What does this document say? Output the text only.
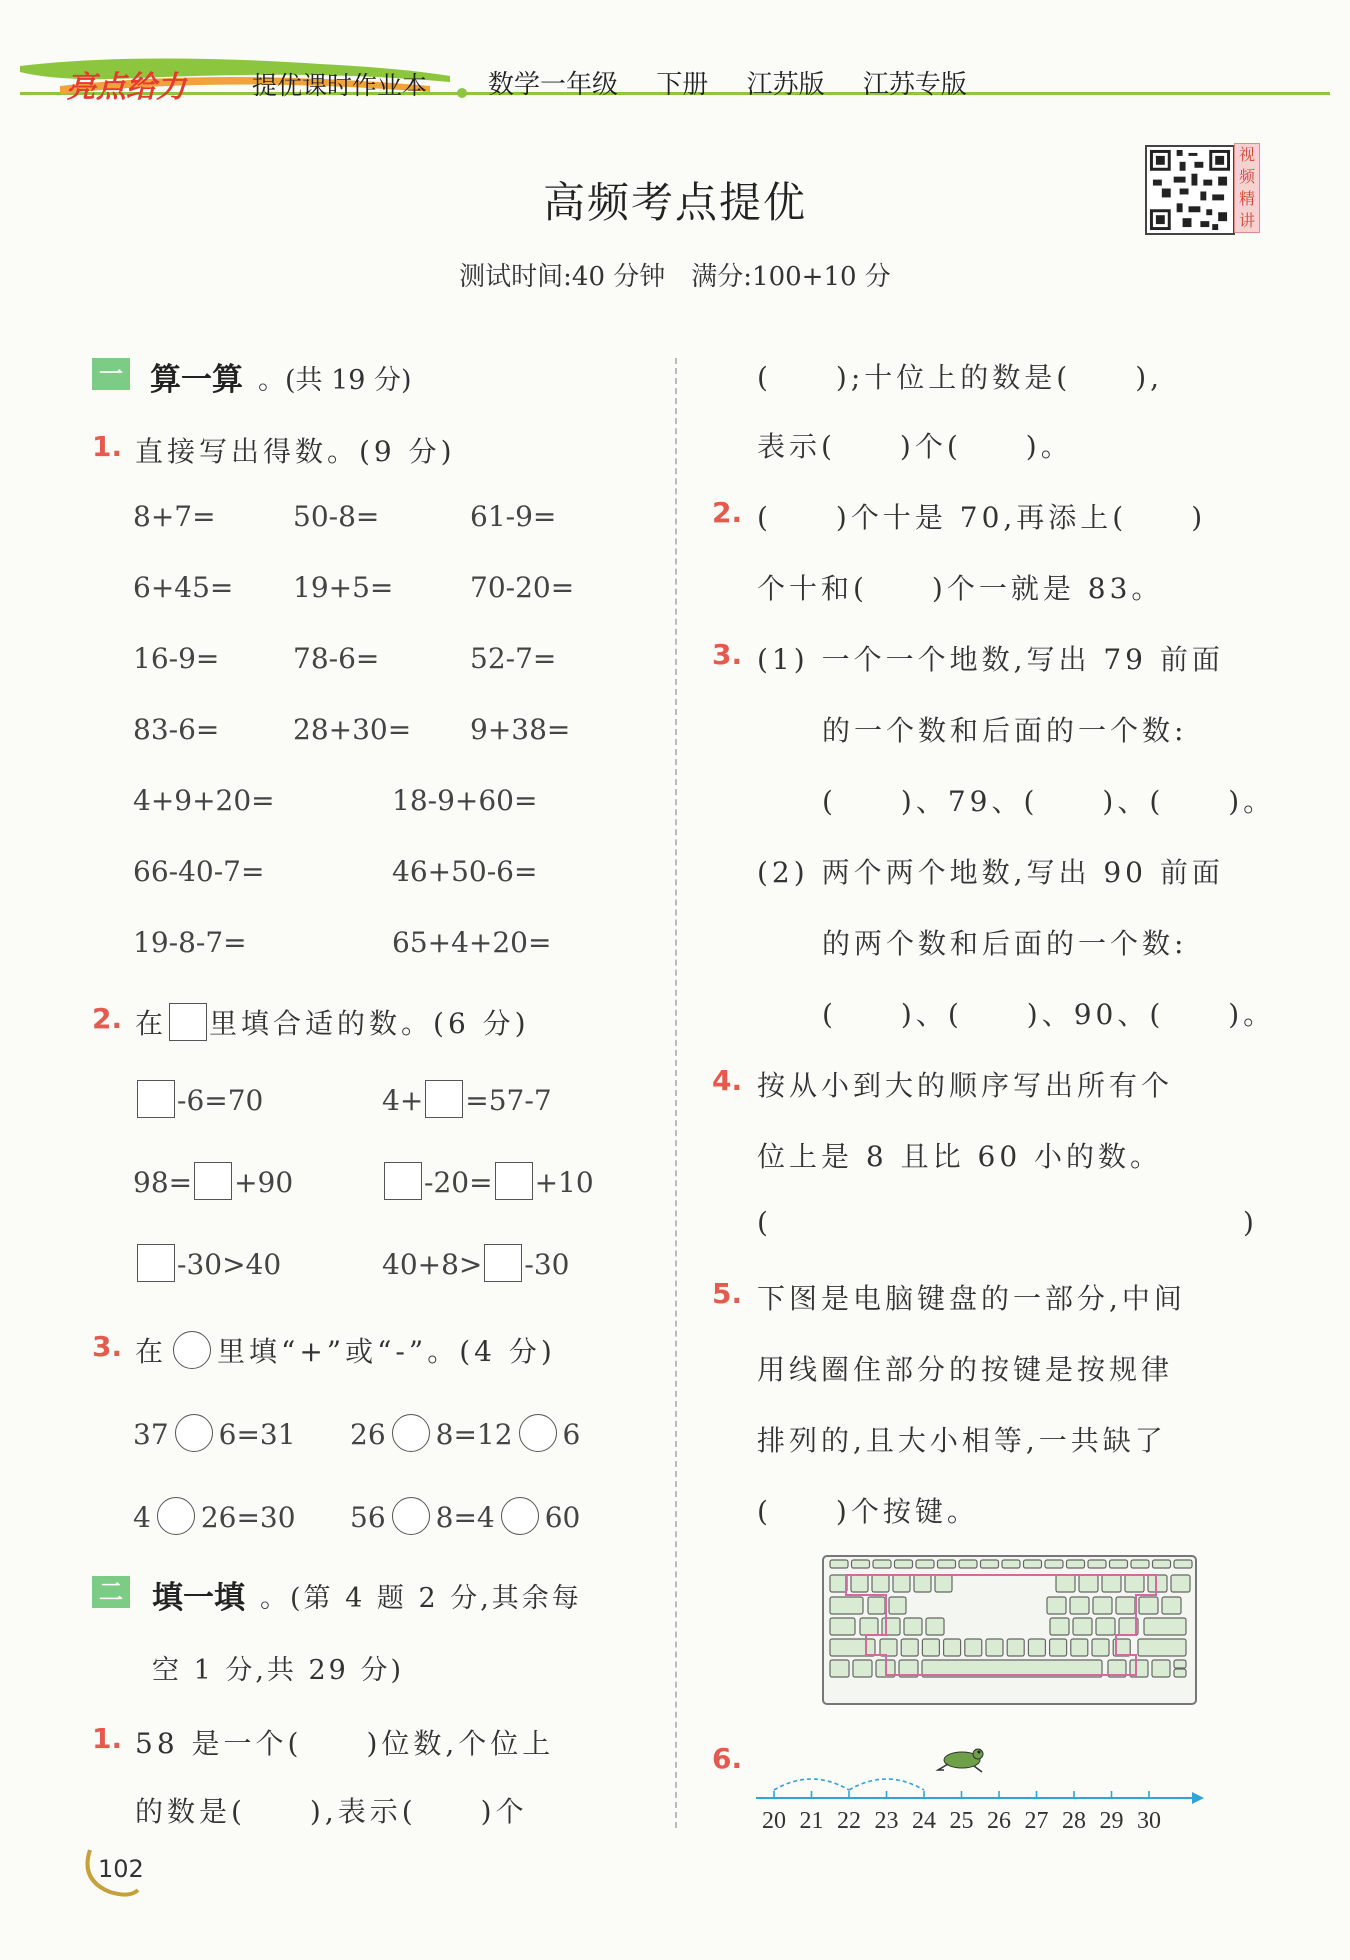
亮点给力	提优课时作业本 数学一年级 下册 江苏版 江苏专版
高频考点提优
测试时间:40 分钟　满分:100+10 分
视
频
精
讲
一 算一算 。(共 19 分)
1. 直接写出得数。(9 分)
8+7=	50-8=	61-9=
6+45= 19+5=	70-20=
16-9=	78-6=	52-7=
83-6=	28+30= 9+38=
4+9+20=	18-9+60=
66-40-7=	46+50-6=
19-8-7=	65+4+20=
2. 在 里填合适的数。(6 分)
-6=70	4+ =57-7
98= +90	-20= +10
-30>40	40+8> -30
3. 在 里填“+”或“-”。(4 分)
37 6=31 26 8=12 6
4 26=30 56 8=4 60
二 填一填 。(第 4 题 2 分,其余每
空 1 分,共 29 分)
1. 58 是一个(　　)位数,个位上
的数是(　　),表示(　　)个
(　　);十位上的数是(　　),
表示(　　)个(　　)。
2. (　　)个十是 70,再添上(　　)
个十和(　　)个一就是 83。
3. (1) 一个一个地数,写出 79 前面
的一个数和后面的一个数:
(　　)、79、(　　)、(　　)。
(2) 两个两个地数,写出 90 前面
的两个数和后面的一个数:
(　　)、(　　)、90、(　　)。
4. 按从小到大的顺序写出所有个
位上是 8 且比 60 小的数。
(	)
5. 下图是电脑键盘的一部分,中间
用线圈住部分的按键是按规律
排列的,且大小相等,一共缺了
(　　)个按键。
6.
20 21 22 23 24 25 26 27 28 29 30
102
